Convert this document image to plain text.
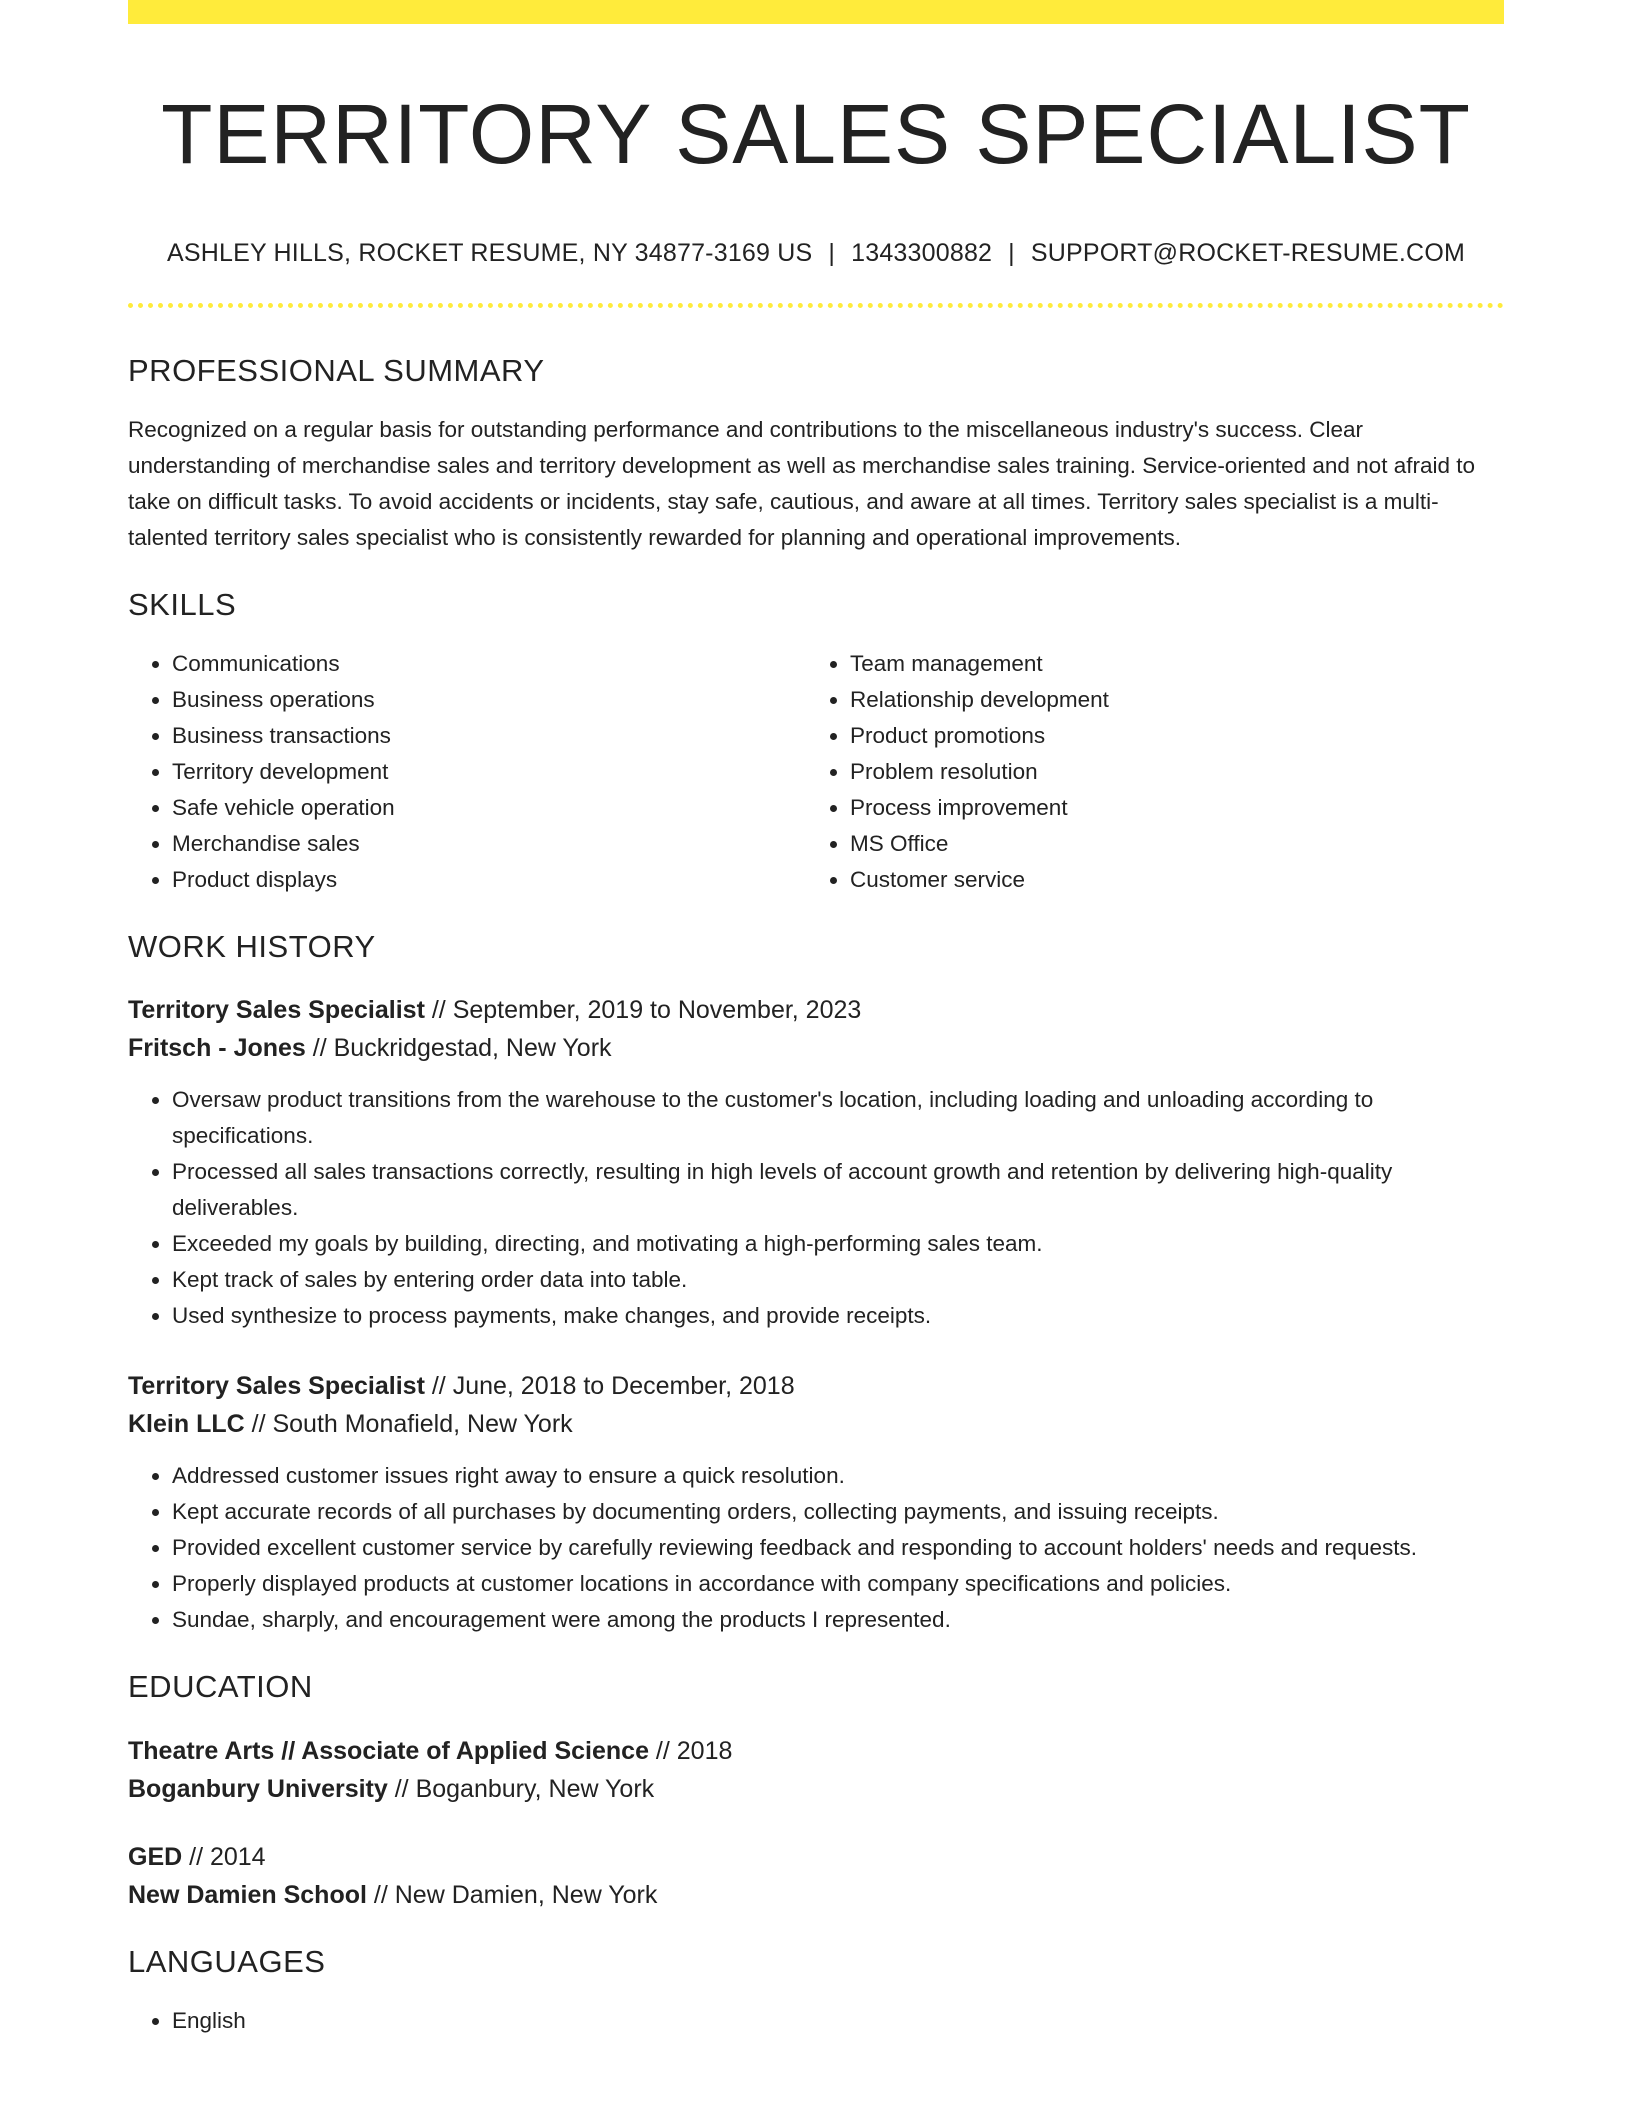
TERRITORY SALES SPECIALIST
ASHLEY HILLS, ROCKET RESUME, NY 34877-3169 US | 1343300882 | SUPPORT@ROCKET-RESUME.COM
PROFESSIONAL SUMMARY
Recognized on a regular basis for outstanding performance and contributions to the miscellaneous industry's success. Clear understanding of merchandise sales and territory development as well as merchandise sales training. Service-oriented and not afraid to take on difficult tasks. To avoid accidents or incidents, stay safe, cautious, and aware at all times. Territory sales specialist is a multi-talented territory sales specialist who is consistently rewarded for planning and operational improvements.
SKILLS
• Communications
• Business operations
• Business transactions
• Territory development
• Safe vehicle operation
• Merchandise sales
• Product displays
• Team management
• Relationship development
• Product promotions
• Problem resolution
• Process improvement
• MS Office
• Customer service
WORK HISTORY
Territory Sales Specialist // September, 2019 to November, 2023
Fritsch - Jones // Buckridgestad, New York
• Oversaw product transitions from the warehouse to the customer's location, including loading and unloading according to specifications.
• Processed all sales transactions correctly, resulting in high levels of account growth and retention by delivering high-quality deliverables.
• Exceeded my goals by building, directing, and motivating a high-performing sales team.
• Kept track of sales by entering order data into table.
• Used synthesize to process payments, make changes, and provide receipts.
Territory Sales Specialist // June, 2018 to December, 2018
Klein LLC // South Monafield, New York
• Addressed customer issues right away to ensure a quick resolution.
• Kept accurate records of all purchases by documenting orders, collecting payments, and issuing receipts.
• Provided excellent customer service by carefully reviewing feedback and responding to account holders' needs and requests.
• Properly displayed products at customer locations in accordance with company specifications and policies.
• Sundae, sharply, and encouragement were among the products I represented.
EDUCATION
Theatre Arts // Associate of Applied Science // 2018
Boganbury University // Boganbury, New York
GED // 2014
New Damien School // New Damien, New York
LANGUAGES
• English
